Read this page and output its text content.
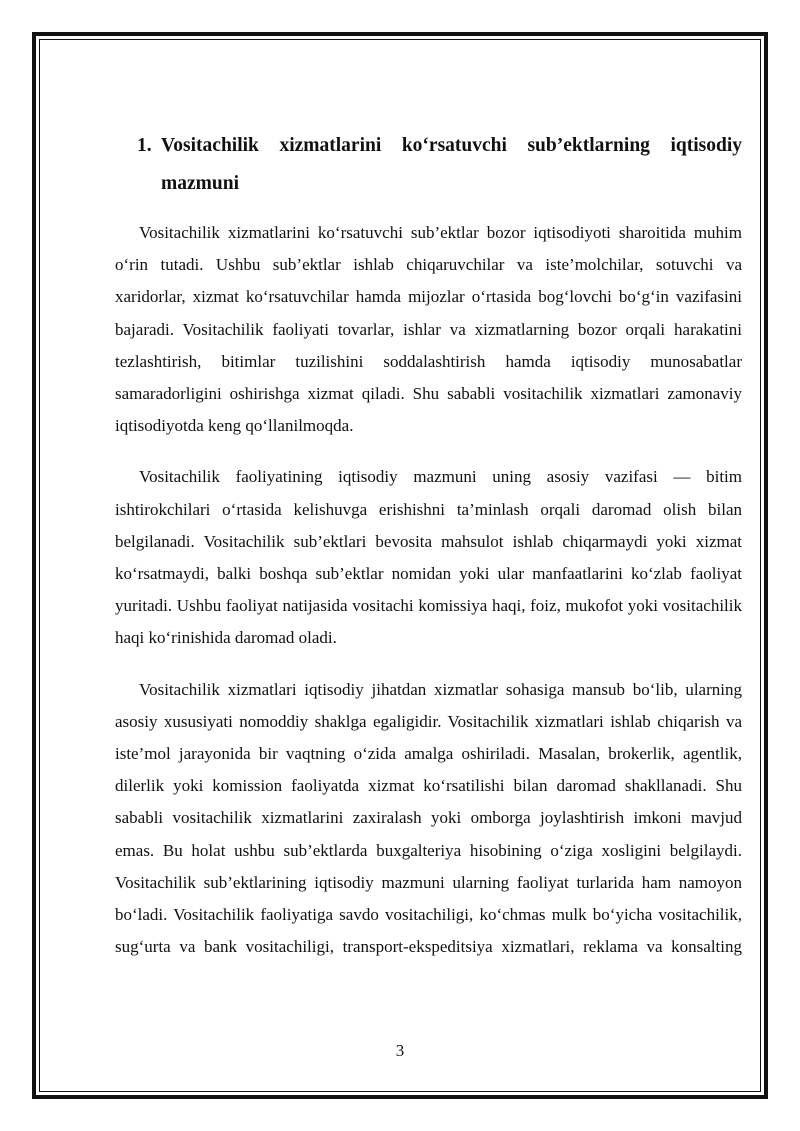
1. Vositachilik xizmatlarini ko‘rsatuvchi sub’ektlarning iqtisodiy mazmuni

Vositachilik xizmatlarini ko‘rsatuvchi sub’ektlar bozor iqtisodiyoti sharoitida muhim o‘rin tutadi. Ushbu sub’ektlar ishlab chiqaruvchilar va iste’molchilar, sotuvchi va xaridorlar, xizmat ko‘rsatuvchilar hamda mijozlar o‘rtasida bog‘lovchi bo‘g‘in vazifasini bajaradi. Vositachilik faoliyati tovarlar, ishlar va xizmatlarning bozor orqali harakatini tezlashtirish, bitimlar tuzilishini soddalashtirish hamda iqtisodiy munosabatlar samaradorligini oshirishga xizmat qiladi. Shu sababli vositachilik xizmatlari zamonaviy iqtisodiyotda keng qo‘llanilmoqda.

Vositachilik faoliyatining iqtisodiy mazmuni uning asosiy vazifasi — bitim ishtirokchilari o‘rtasida kelishuvga erishishni ta’minlash orqali daromad olish bilan belgilanadi. Vositachilik sub’ektlari bevosita mahsulot ishlab chiqarmaydi yoki xizmat ko‘rsatmaydi, balki boshqa sub’ektlar nomidan yoki ular manfaatlarini ko‘zlab faoliyat yuritadi. Ushbu faoliyat natijasida vositachi komissiya haqi, foiz, mukofot yoki vositachilik haqi ko‘rinishida daromad oladi.

Vositachilik xizmatlari iqtisodiy jihatdan xizmatlar sohasiga mansub bo‘lib, ularning asosiy xususiyati nomoddiy shaklga egaligidir. Vositachilik xizmatlari ishlab chiqarish va iste’mol jarayonida bir vaqtning o‘zida amalga oshiriladi. Masalan, brokerlik, agentlik, dilerlik yoki komission faoliyatda xizmat ko‘rsatilishi bilan daromad shakllanadi. Shu sababli vositachilik xizmatlarini zaxiralash yoki omborga joylashtirish imkoni mavjud emas. Bu holat ushbu sub’ektlarda buxgalteriya hisobining o‘ziga xosligini belgilaydi. Vositachilik sub’ektlarining iqtisodiy mazmuni ularning faoliyat turlarida ham namoyon bo‘ladi. Vositachilik faoliyatiga savdo vositachiligi, ko‘chmas mulk bo‘yicha vositachilik, sug‘urta va bank vositachiligi, transport-ekspeditsiya xizmatlari, reklama va konsalting

3
